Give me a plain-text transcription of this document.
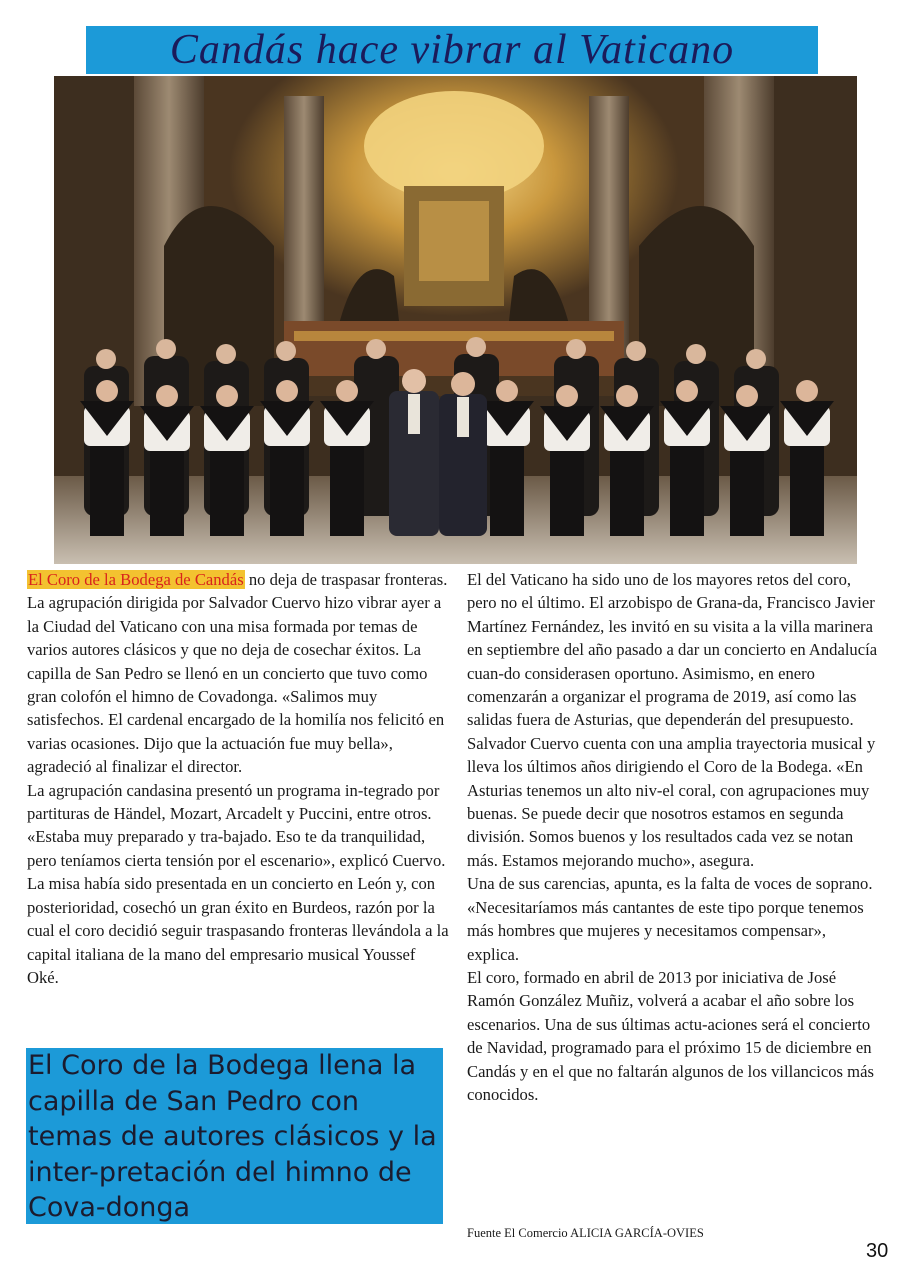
Candás hace vibrar al Vaticano

El Coro de la Bodega de Candás no deja de traspasar fronteras. La agrupación dirigida por Salvador Cuervo hizo vibrar ayer a la Ciudad del Vaticano con una misa formada por temas de varios autores clásicos y que no deja de cosechar éxitos. La capilla de San Pedro se llenó en un concierto que tuvo como gran colofón el himno de Covadonga. «Salimos muy satisfechos. El cardenal encargado de la homilía nos felicitó en varias ocasiones. Dijo que la actuación fue muy bella», agradeció al finalizar el director.

La agrupación candasina presentó un programa in-tegrado por partituras de Händel, Mozart, Arcadelt y Puccini, entre otros. «Estaba muy preparado y tra-bajado. Eso te da tranquilidad, pero teníamos cierta tensión por el escenario», explicó Cuervo. La misa había sido presentada en un concierto en León y, con posterioridad, cosechó un gran éxito en Burdeos, razón por la cual el coro decidió seguir traspasando fronteras llevándola a la capital italiana de la mano del empresario musical Youssef Oké.

El Coro de la Bodega llena la capilla de San Pedro con temas de autores clásicos y la inter-pretación del himno de Cova-donga

El del Vaticano ha sido uno de los mayores retos del coro, pero no el último. El arzobispo de Grana-da, Francisco Javier Martínez Fernández, les invitó en su visita a la villa marinera en septiembre del año pasado a dar un concierto en Andalucía cuan-do considerasen oportuno. Asimismo, en enero comenzarán a organizar el programa de 2019, así como las salidas fuera de Asturias, que dependerán del presupuesto.

Salvador Cuervo cuenta con una amplia trayectoria musical y lleva los últimos años dirigiendo el Coro de la Bodega. «En Asturias tenemos un alto niv-el coral, con agrupaciones muy buenas. Se puede decir que nosotros estamos en segunda división. Somos buenos y los resultados cada vez se notan más. Estamos mejorando mucho», asegura.

Una de sus carencias, apunta, es la falta de voces de soprano. «Necesitaríamos más cantantes de este tipo porque tenemos más hombres que mujeres y necesitamos compensar», explica.

El coro, formado en abril de 2013 por iniciativa de José Ramón González Muñiz, volverá a acabar el año sobre los escenarios. Una de sus últimas actu-aciones será el concierto de Navidad, programado para el próximo 15 de diciembre en Candás y en el que no faltarán algunos de los villancicos más conocidos.

Fuente El Comercio ALICIA GARCÍA-OVIES
30
